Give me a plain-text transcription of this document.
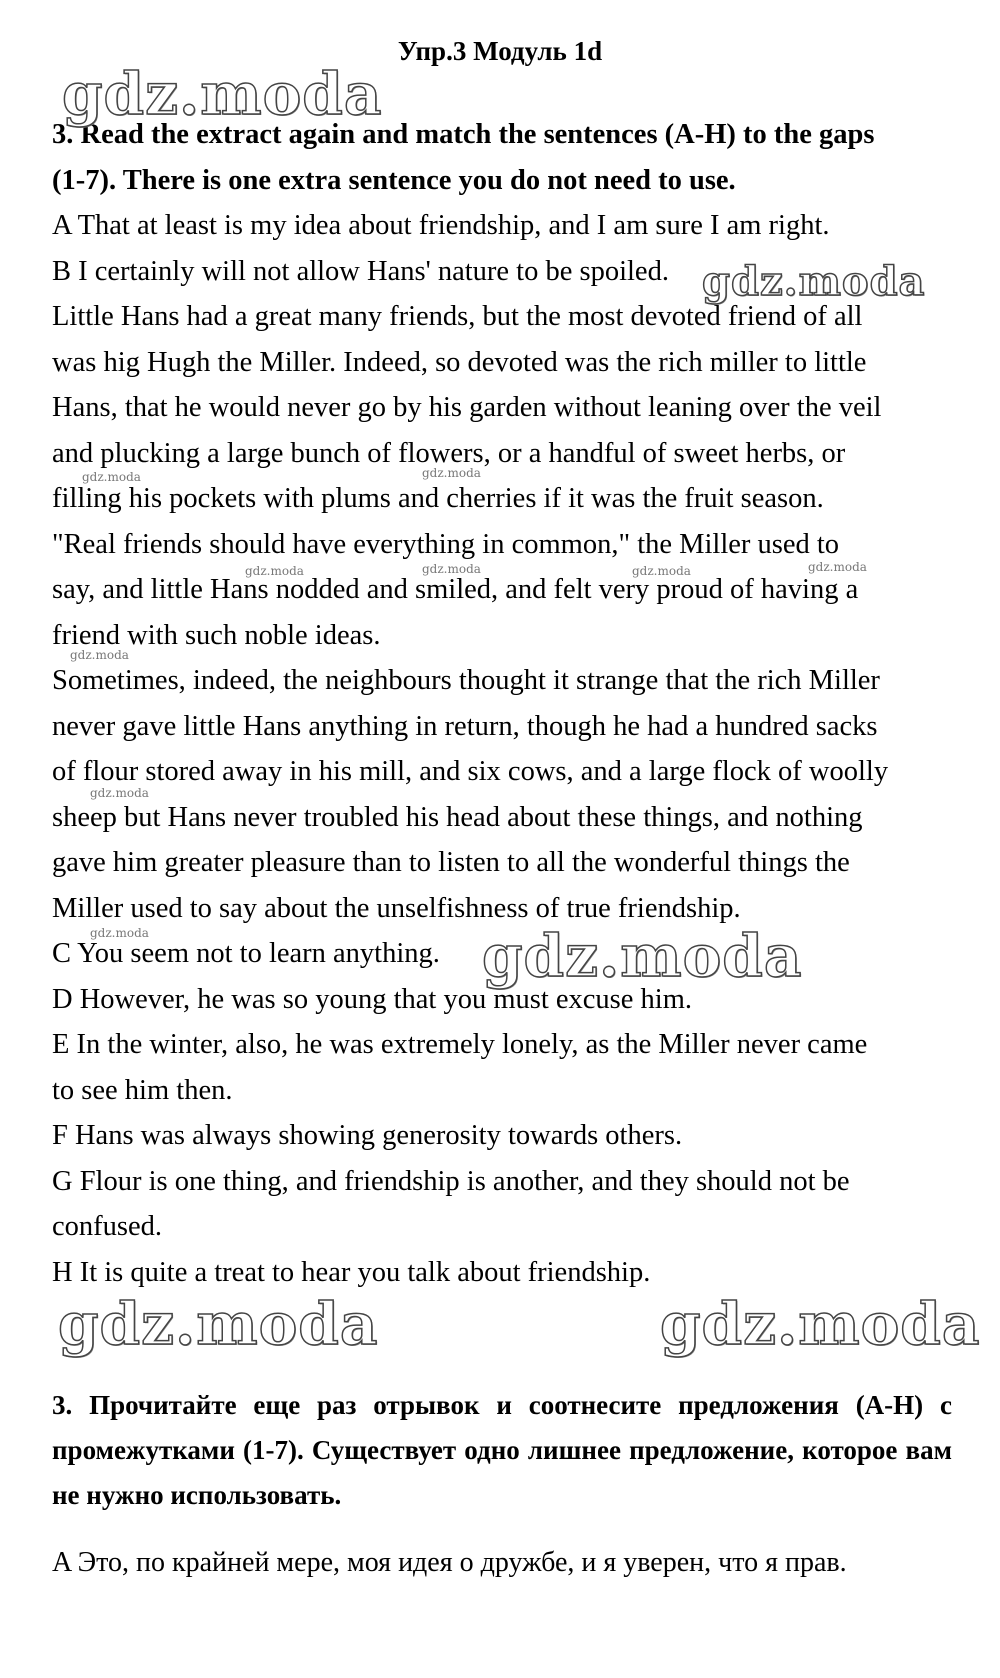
Упр.3 Модуль 1d

3. Read the extract again and match the sentences (A-H) to the gaps

(1-7). There is one extra sentence you do not need to use.

A That at least is my idea about friendship, and I am sure I am right.

B I certainly will not allow Hans' nature to be spoiled.

Little Hans had a great many friends, but the most devoted friend of all

was hig Hugh the Miller. Indeed, so devoted was the rich miller to little

Hans, that he would never go by his garden without leaning over the veil

and plucking a large bunch of flowers, or a handful of sweet herbs, or

filling his pockets with plums and cherries if it was the fruit season.

"Real friends should have everything in common," the Miller used to

say, and little Hans nodded and smiled, and felt very proud of having a

friend with such noble ideas.

Sometimes, indeed, the neighbours thought it strange that the rich Miller

never gave little Hans anything in return, though he had a hundred sacks

of flour stored away in his mill, and six cows, and a large flock of woolly

sheep but Hans never troubled his head about these things, and nothing

gave him greater pleasure than to listen to all the wonderful things the

Miller used to say about the unselfishness of true friendship.

C You seem not to learn anything.

D However, he was so young that you must excuse him.

E In the winter, also, he was extremely lonely, as the Miller never came

to see him then.

F Hans was always showing generosity towards others.

G Flour is one thing, and friendship is another, and they should not be

confused.

H It is quite a treat to hear you talk about friendship.

3. Прочитайте еще раз отрывок и соотнесите предложения (A-H) с промежутками (1-7). Существует одно лишнее предложение, которое вам не нужно использовать.

A Это, по крайней мере, моя идея о дружбе, и я уверен, что я прав.

gdz.moda
gdz.moda
gdz.moda
gdz.moda	gdz.moda
gdz.moda	gdz.moda
gdz.moda	gdz.moda	gdz.moda	gdz.moda
gdz.moda
gdz.moda
gdz.moda
